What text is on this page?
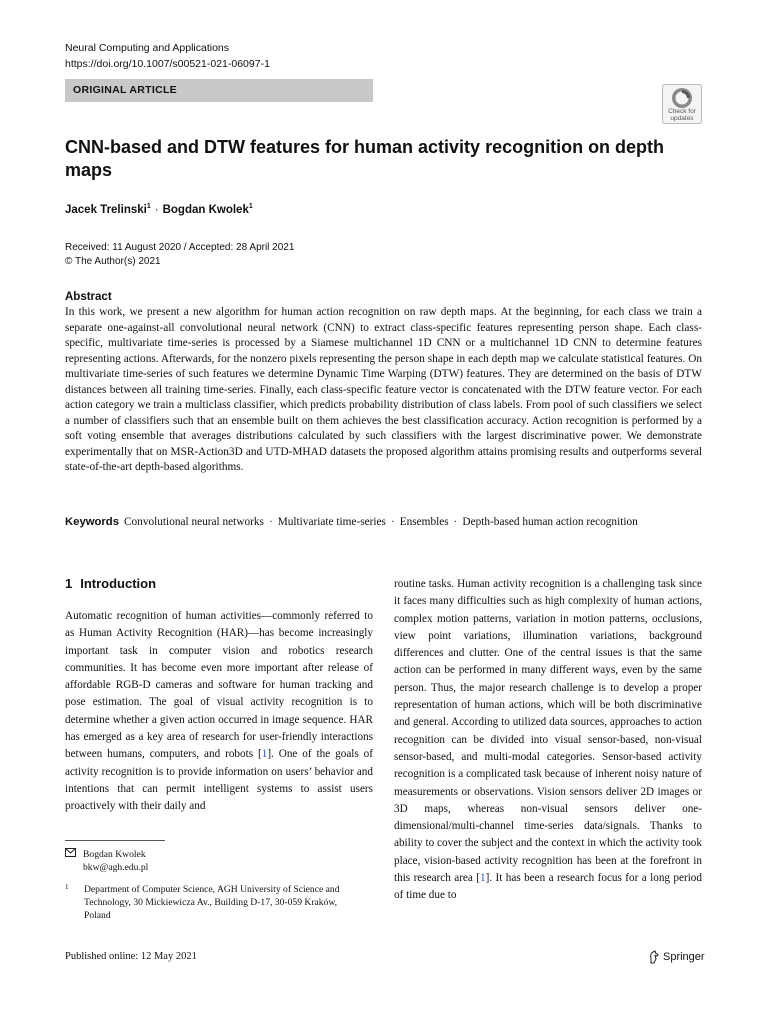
Neural Computing and Applications
https://doi.org/10.1007/s00521-021-06097-1
ORIGINAL ARTICLE
Check for
updates
CNN-based and DTW features for human activity recognition on depth maps
Jacek Trelinski$^1$ · Bogdan Kwolek$^1$
Received: 11 August 2020 / Accepted: 28 April 2021
© The Author(s) 2021
Abstract

In this work, we present a new algorithm for human action recognition on raw depth maps. At the beginning, for each class we train a separate one-against-all convolutional neural network (CNN) to extract class-specific features representing person shape. Each class-specific, multivariate time-series is processed by a Siamese multichannel 1D CNN or a multichannel 1D CNN to determine features representing actions. Afterwards, for the nonzero pixels representing the person shape in each depth map we calculate statistical features. On multivariate time-series of such features we determine Dynamic Time Warping (DTW) features. They are determined on the basis of DTW distances between all training time-series. Finally, each class-specific feature vector is concatenated with the DTW feature vector. For each action category we train a multiclass classifier, which predicts probability distribution of class labels. From pool of such classifiers we select a number of classifiers such that an ensemble built on them achieves the best classification accuracy. Action recognition is performed by a soft voting ensemble that averages distributions calculated by such classifiers with the largest discriminative power. We demonstrate experimentally that on MSR-Action3D and UTD-MHAD datasets the proposed algorithm attains promising results and outperforms several state-of-the-art depth-based algorithms.

Keywords Convolutional neural networks · Multivariate time-series · Ensembles · Depth-based human action recognition
1 Introduction
Automatic recognition of human activities—commonly referred to as Human Activity Recognition (HAR)—has become increasingly important task in computer vision and robotics research communities. It has become even more important after release of affordable RGB-D cameras and software for human tracking and pose estimation. The goal of visual activity recognition is to determine whether a given action occurred in image sequence. HAR has emerged as a key area of research for user-friendly interactions between humans, computers, and robots [1]. One of the goals of activity recognition is to provide information on users’ behavior and intentions that can permit intelligent systems to assist users proactively with their daily and
routine tasks. Human activity recognition is a challenging task since it faces many difficulties such as high complexity of human actions, complex motion patterns, variation in motion patterns, occlusions, view point variations, illumination variations, background differences and clutter. One of the central issues is that the same action can be performed in many different ways, even by the same person. Thus, the major research challenge is to develop a proper representation of human actions, which will be both discriminative and general. According to utilized data sources, approaches to action recognition can be divided into visual sensor-based, non-visual sensor-based, and multi-modal categories. Sensor-based activity recognition is a complicated task because of inherent noisy nature of measurements or observations. Vision sensors deliver 2D images or 3D maps, whereas non-visual sensors deliver one-dimensional/multi-channel time-series data/signals. Thanks to ability to cover the subject and the context in which the activity took place, vision-based activity recognition has been at the forefront in this research area [1]. It has been a research focus for a long period of time due to
Bogdan Kwolek
bkw@agh.edu.pl
1 Department of Computer Science, AGH University of Science and Technology, 30 Mickiewicza Av., Building D-17, 30-059 Kraków, Poland
Published online: 12 May 2021	Springer
